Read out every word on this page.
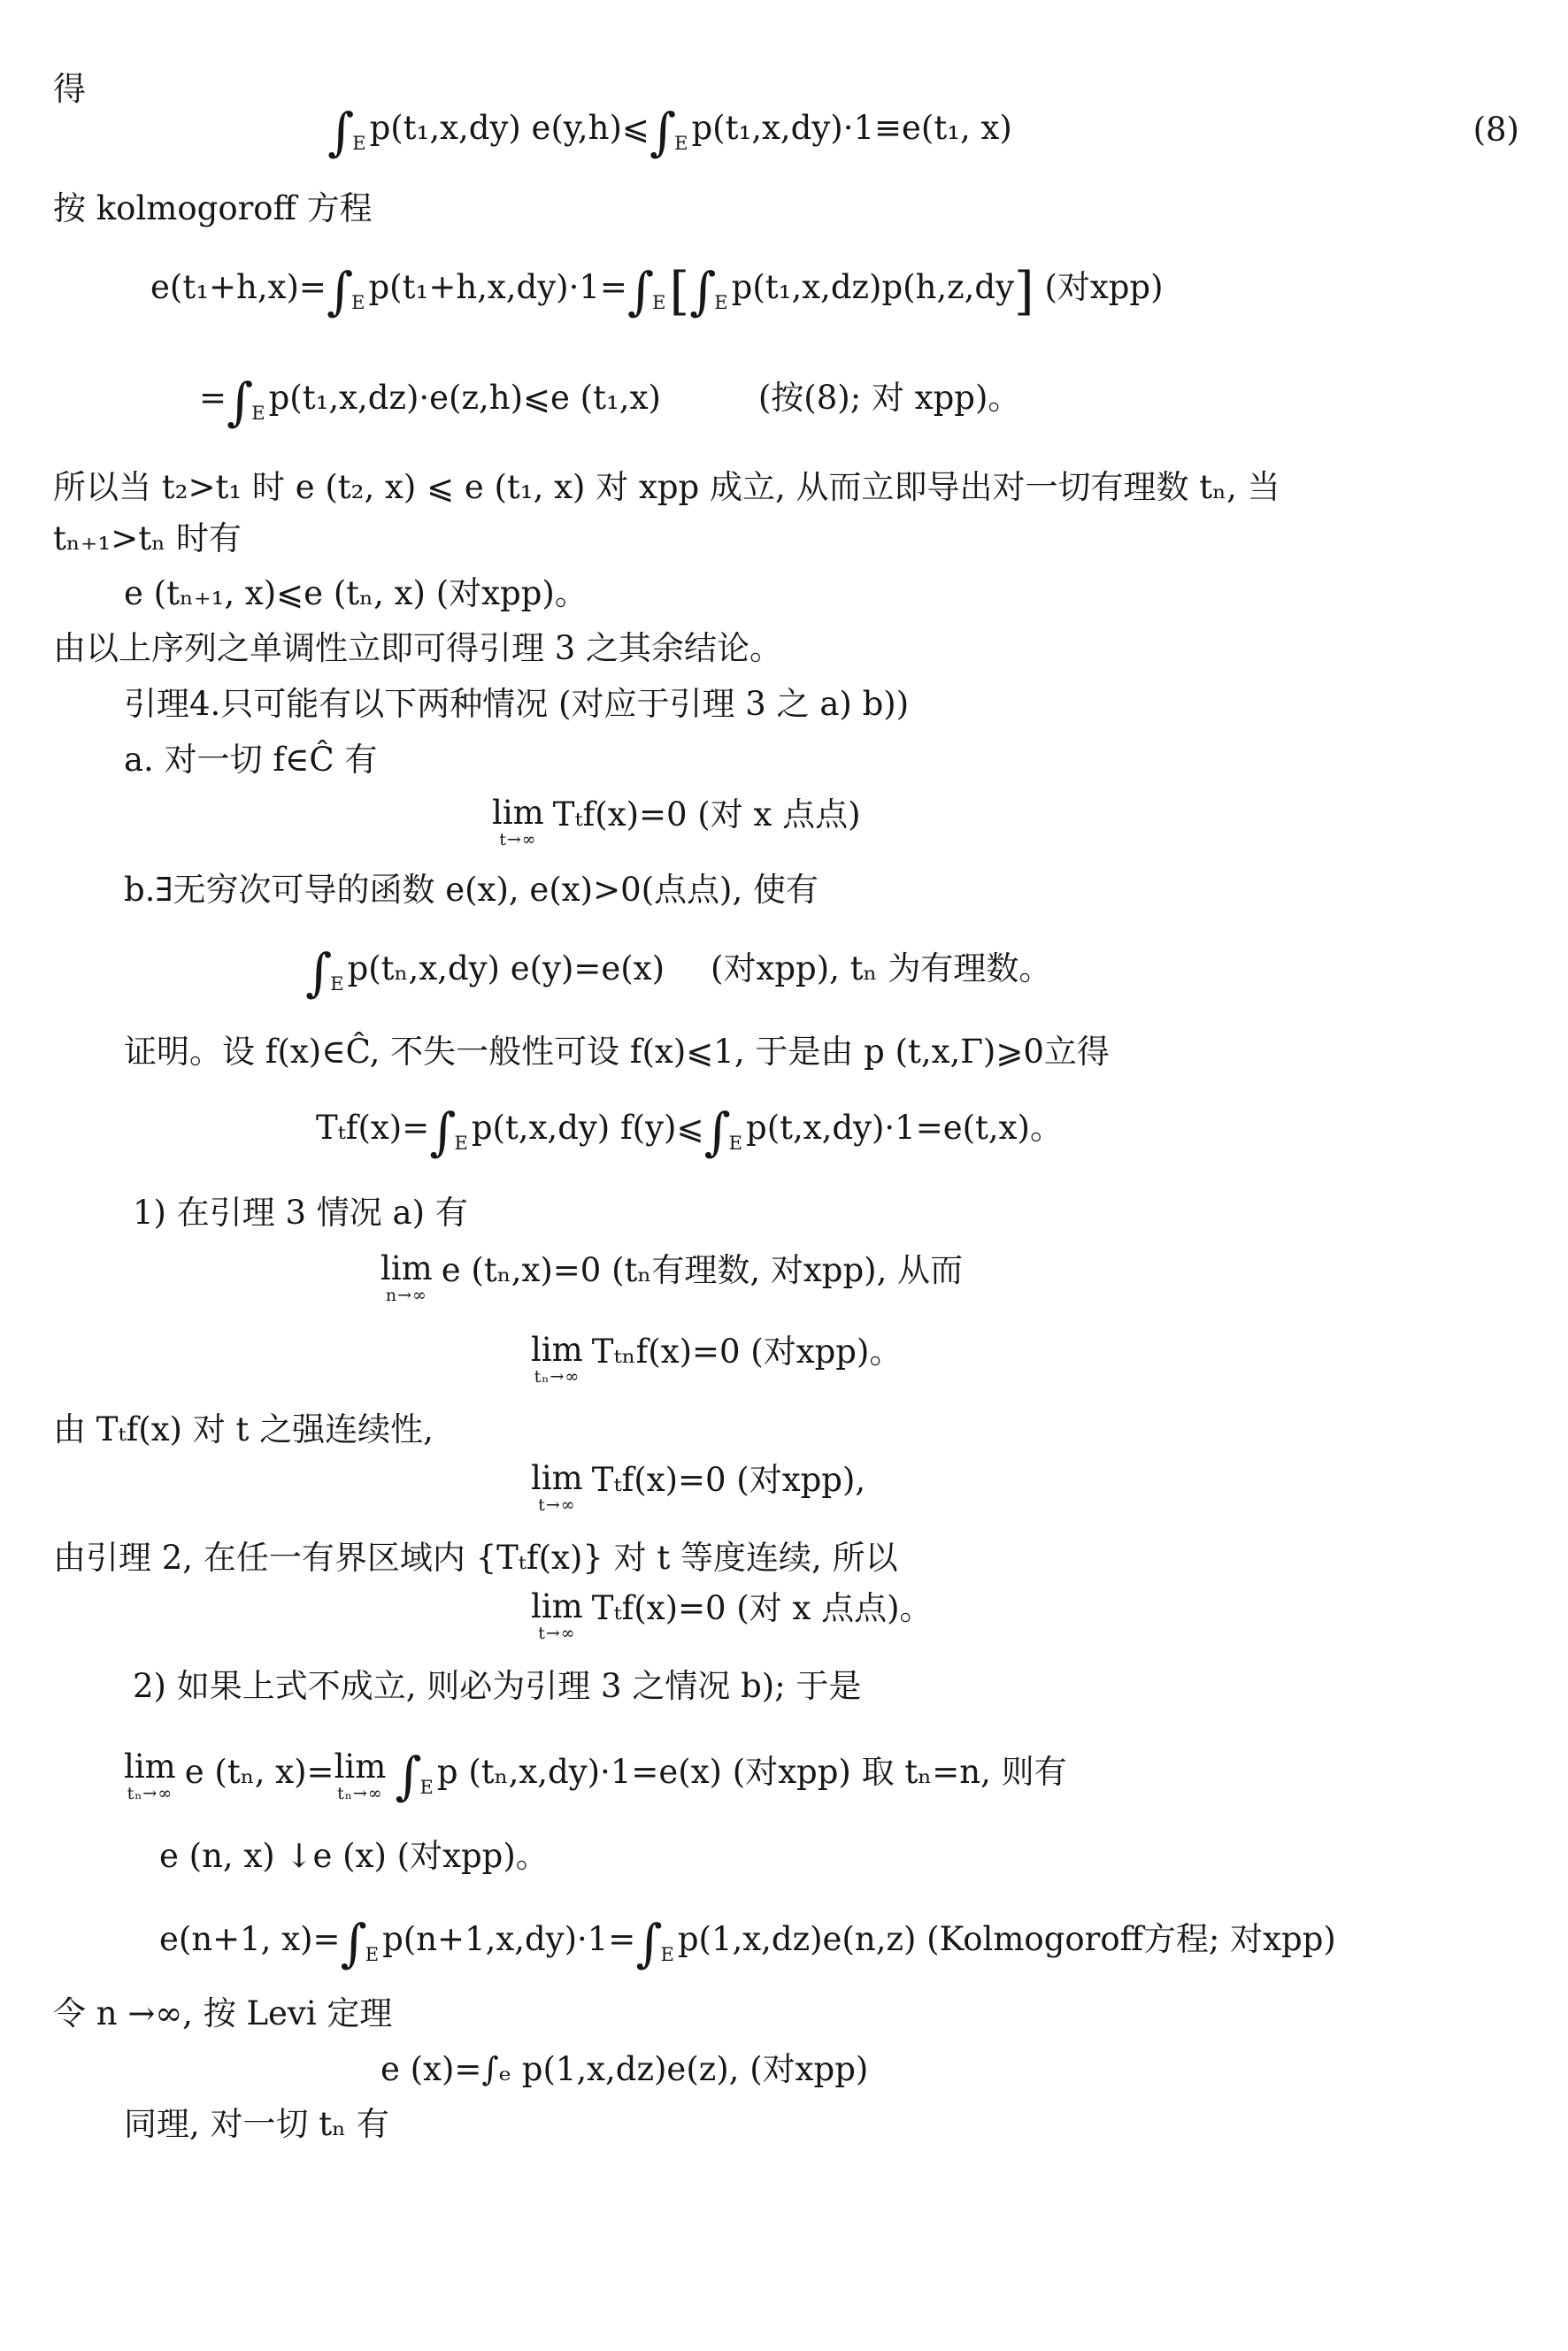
得
$\int_E$ p(t₁,x,dy) $e(y,h)⩽\int_E$ p(t₁,x,dy)·1≡e(t₁, x)	(8)
按 kolmogoroff 方程
$e(t_1+h,x)=\int_E$ $p(t_1+h,x,dy)\cdot 1=\int_E[\int_E$ p(t₁,x,dz)p(h,z,dy] (对xpp)
$=\int_E$ p(t₁,x,dz)·e(z,h)⩽e (t₁,x)	(按(8); 对 xpp)。
所以当 t₂>t₁ 时 e (t₂, x) ⩽ e (t₁, x) 对 xpp 成立, 从而立即导出对一切有理数 tₙ, 当
tₙ₊₁>tₙ 时有
e (tₙ₊₁, x)⩽e (tₙ, x) (对xpp)。
由以上序列之单调性立即可得引理 3 之其余结论。
引理4.只可能有以下两种情况 (对应于引理 3 之 a) b))
a. 对一切 f∈Ĉ 有
lim
t→∞
Tₜf(x)=0 (对 x 点点)
b.∃无穷次可导的函数 e(x), e(x)>0(点点), 使有
$\int_E$ p(tₙ,x,dy) e(y)=e(x) (对xpp), tₙ 为有理数。
证明。设 f(x)∈Ĉ, 不失一般性可设 f(x)⩽1, 于是由 p (t,x,Γ)⩾0立得
$T_tf(x)=\int_E$ p(t,x,dy) $f(y)⩽\int_E$ p(t,x,dy)·1=e(t,x)。
1) 在引理 3 情况 a) 有
lim
n→∞
e (tₙ,x)=0 (tₙ有理数, 对xpp), 从而
lim
tₙ→∞
Tₜₙf(x)=0 (对xpp)。
由 Tₜf(x) 对 t 之强连续性,
lim
t→∞
Tₜf(x)=0 (对xpp),
由引理 2, 在任一有界区域内 {Tₜf(x)} 对 t 等度连续, 所以
lim
t→∞
Tₜf(x)=0 (对 x 点点)。
2) 如果上式不成立, 则必为引理 3 之情况 b); 于是
lim
tₙ→∞
e (tₙ, x)= lim
tₙ→∞ $\int_E$ p (tₙ,x,dy)·1=e(x) (对xpp) 取 tₙ=n, 则有
e (n, x) ↓e (x) (对xpp)。
e(n+1, $x)=\int_E$ $p(n+1,x,dy)\cdot 1=\int_E$ p(1,x,dz)e(n,z) (Kolmogoroff方程; 对xpp)
令 n →∞, 按 Levi 定理
e (x)=∫ₑ p(1,x,dz)e(z), (对xpp)
同理, 对一切 tₙ 有
